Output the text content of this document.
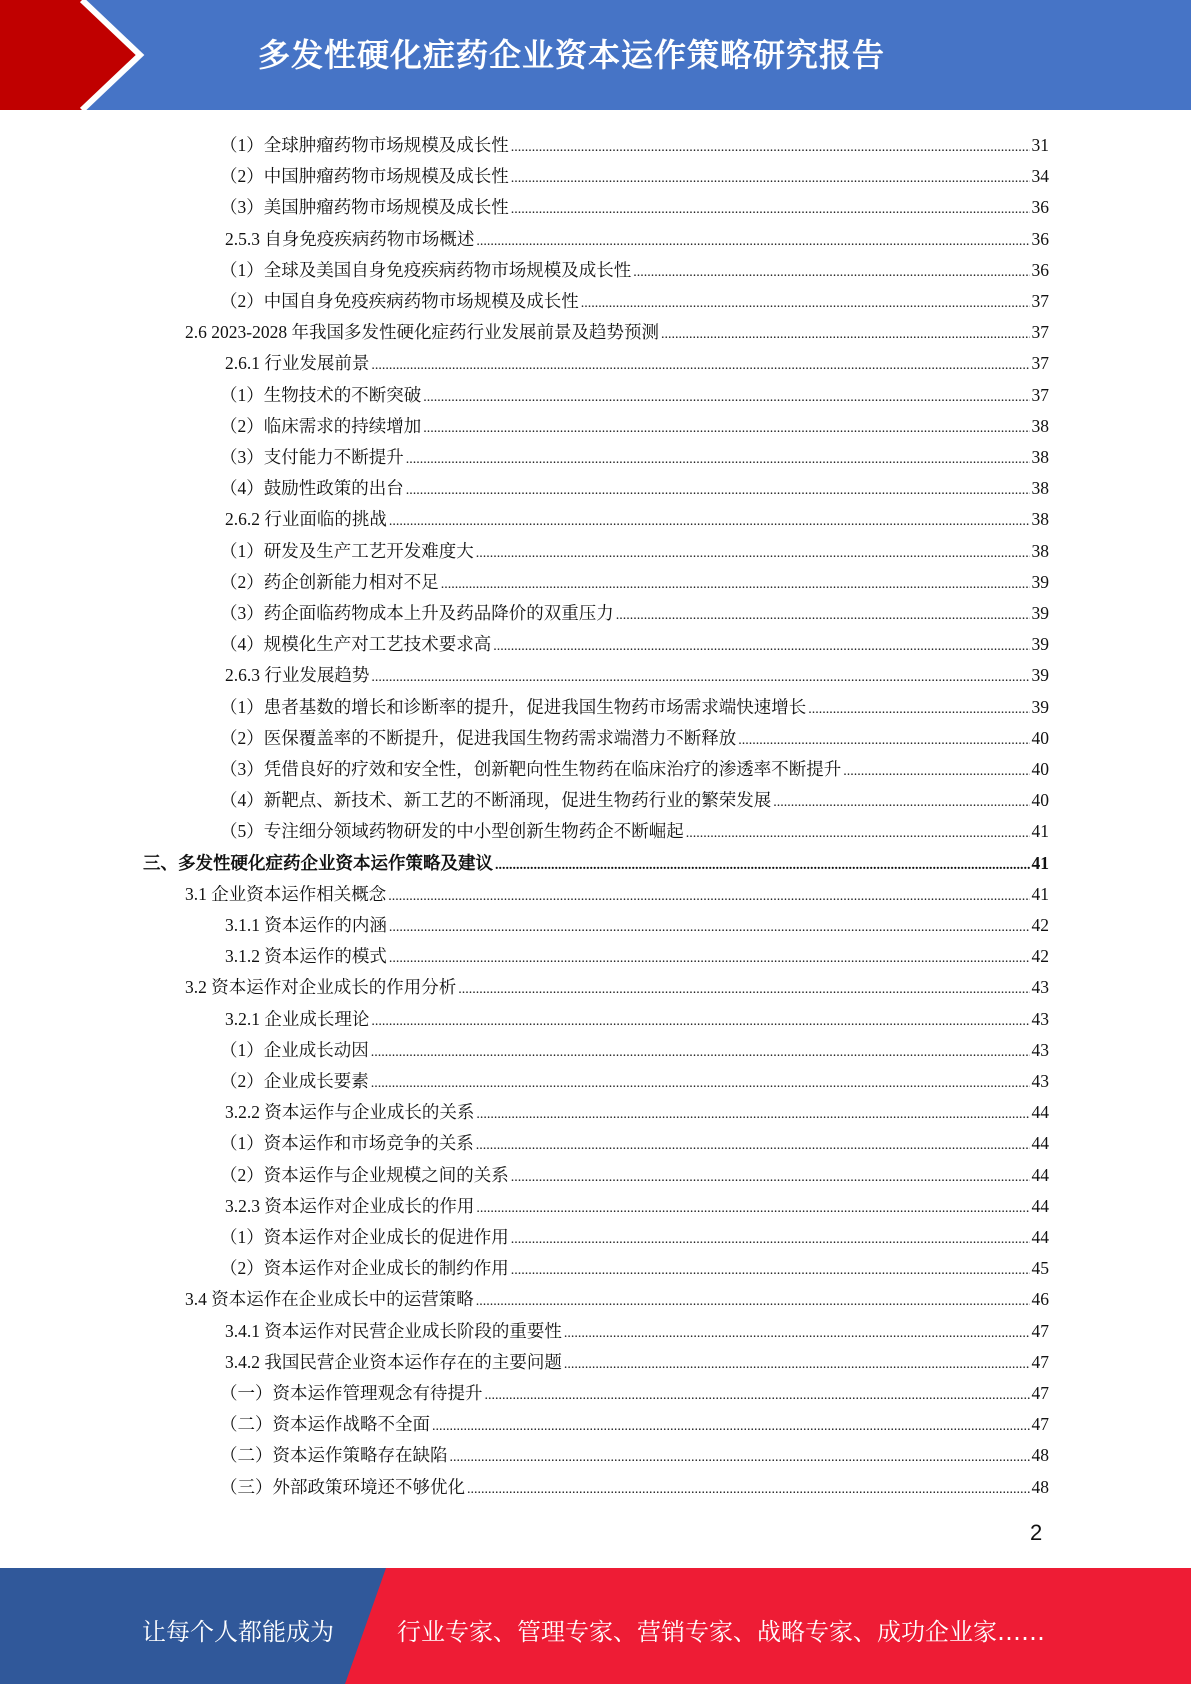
多发性硬化症药企业资本运作策略研究报告
（1）全球肿瘤药物市场规模及成长性 .....	31
（2）中国肿瘤药物市场规模及成长性 .....	34
（3）美国肿瘤药物市场规模及成长性 .....	36
2.5.3 自身免疫疾病药物市场概述 .....	36
（1）全球及美国自身免疫疾病药物市场规模及成长性 .....	36
（2）中国自身免疫疾病药物市场规模及成长性 .....	37
2.6 2023-2028 年我国多发性硬化症药行业发展前景及趋势预测 .....	37
2.6.1 行业发展前景 .....	37
（1）生物技术的不断突破 .....	37
（2）临床需求的持续增加 .....	38
（3）支付能力不断提升 .....	38
（4）鼓励性政策的出台 .....	38
2.6.2 行业面临的挑战 .....	38
（1）研发及生产工艺开发难度大 .....	38
（2）药企创新能力相对不足 .....	39
（3）药企面临药物成本上升及药品降价的双重压力 .....	39
（4）规模化生产对工艺技术要求高 .....	39
2.6.3 行业发展趋势 .....	39
（1）患者基数的增长和诊断率的提升，促进我国生物药市场需求端快速增长 .....	39
（2）医保覆盖率的不断提升，促进我国生物药需求端潜力不断释放 .....	40
（3）凭借良好的疗效和安全性，创新靶向性生物药在临床治疗的渗透率不断提升 .....	40
（4）新靶点、新技术、新工艺的不断涌现，促进生物药行业的繁荣发展 .....	40
（5）专注细分领域药物研发的中小型创新生物药企不断崛起 .....	41
三、多发性硬化症药企业资本运作策略及建议 .....	41
3.1 企业资本运作相关概念 .....	41
3.1.1 资本运作的内涵 .....	42
3.1.2 资本运作的模式 .....	42
3.2 资本运作对企业成长的作用分析 .....	43
3.2.1 企业成长理论 .....	43
（1）企业成长动因 .....	43
（2）企业成长要素 .....	43
3.2.2 资本运作与企业成长的关系 .....	44
（1）资本运作和市场竞争的关系 .....	44
（2）资本运作与企业规模之间的关系 .....	44
3.2.3 资本运作对企业成长的作用 .....	44
（1）资本运作对企业成长的促进作用 .....	44
（2）资本运作对企业成长的制约作用 .....	45
3.4 资本运作在企业成长中的运营策略 .....	46
3.4.1 资本运作对民营企业成长阶段的重要性 .....	47
3.4.2 我国民营企业资本运作存在的主要问题 .....	47
（一）资本运作管理观念有待提升 .....	47
（二）资本运作战略不全面 .....	47
（二）资本运作策略存在缺陷 .....	48
（三）外部政策环境还不够优化 .....	48
2
让每个人都能成为	行业专家、管理专家、营销专家、战略专家、成功企业家……
